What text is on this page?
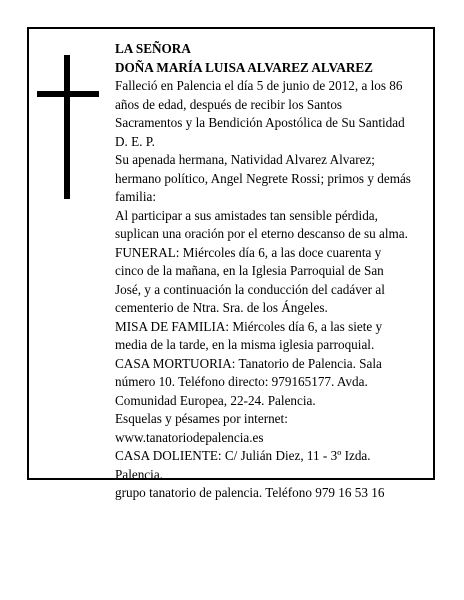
LA SEÑORA
DOÑA MARÍA LUISA ALVAREZ ALVAREZ
Falleció en Palencia el día 5 de junio de 2012, a los 86
años de edad, después de recibir los Santos
Sacramentos y la Bendición Apostólica de Su Santidad
D. E. P.
Su apenada hermana, Natividad Alvarez Alvarez;
hermano político, Angel Negrete Rossi; primos y demás
familia:
Al participar a sus amistades tan sensible pérdida,
suplican una oración por el eterno descanso de su alma.
FUNERAL: Miércoles día 6, a las doce cuarenta y
cinco de la mañana, en la Iglesia Parroquial de San
José, y a continuación la conducción del cadáver al
cementerio de Ntra. Sra. de los Ángeles.
MISA DE FAMILIA: Miércoles día 6, a las siete y
media de la tarde, en la misma iglesia parroquial.
CASA MORTUORIA: Tanatorio de Palencia. Sala
número 10. Teléfono directo: 979165177. Avda.
Comunidad Europea, 22-24. Palencia.
Esquelas y pésames por internet:
www.tanatoriodepalencia.es
CASA DOLIENTE: C/ Julián Diez, 11 - 3º Izda.
Palencia.
grupo tanatorio de palencia. Teléfono 979 16 53 16
